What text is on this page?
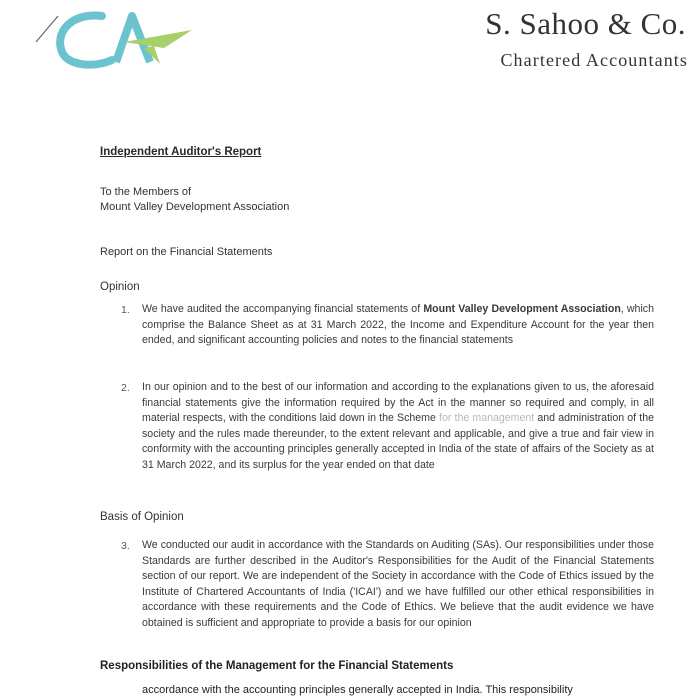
S. Sahoo & Co.
Chartered Accountants
Independent Auditor's Report
To the Members of
Mount Valley Development Association
Report on the Financial Statements
Opinion
1. We have audited the accompanying financial statements of Mount Valley Development Association, which comprise the Balance Sheet as at 31 March 2022, the Income and Expenditure Account for the year then ended, and significant accounting policies and notes to the financial statements
2. In our opinion and to the best of our information and according to the explanations given to us, the aforesaid financial statements give the information required by the Act in the manner so required and comply, in all material respects, with the conditions laid down in the Scheme for the management and administration of the society and the rules made thereunder, to the extent relevant and applicable, and give a true and fair view in conformity with the accounting principles generally accepted in India of the state of affairs of the Society as at 31 March 2022, and its surplus for the year ended on that date
Basis of Opinion
3. We conducted our audit in accordance with the Standards on Auditing (SAs). Our responsibilities under those Standards are further described in the Auditor's Responsibilities for the Audit of the Financial Statements section of our report. We are independent of the Society in accordance with the Code of Ethics issued by the Institute of Chartered Accountants of India ('ICAI') and we have fulfilled our other ethical responsibilities in accordance with these requirements and the Code of Ethics. We believe that the audit evidence we have obtained is sufficient and appropriate to provide a basis for our opinion
Responsibilities of the Management for the Financial Statements
accordance with the accounting principles generally accepted in India. This responsibility
